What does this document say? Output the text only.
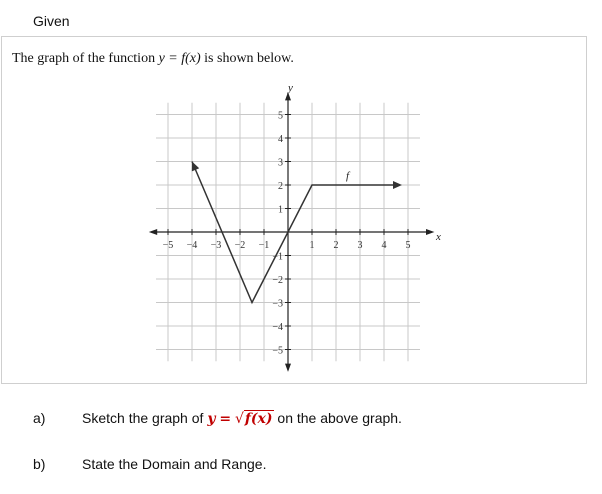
Given
The graph of the function y = f(x) is shown below.
−5 −4 −3 −2 −1	1 2 3 4 5
5
4
3
2
1
−1
−2
−3
−4
−5
x
y
f
a)	Sketch the graph of y = √f(x) on the above graph.
b)	State the Domain and Range.
